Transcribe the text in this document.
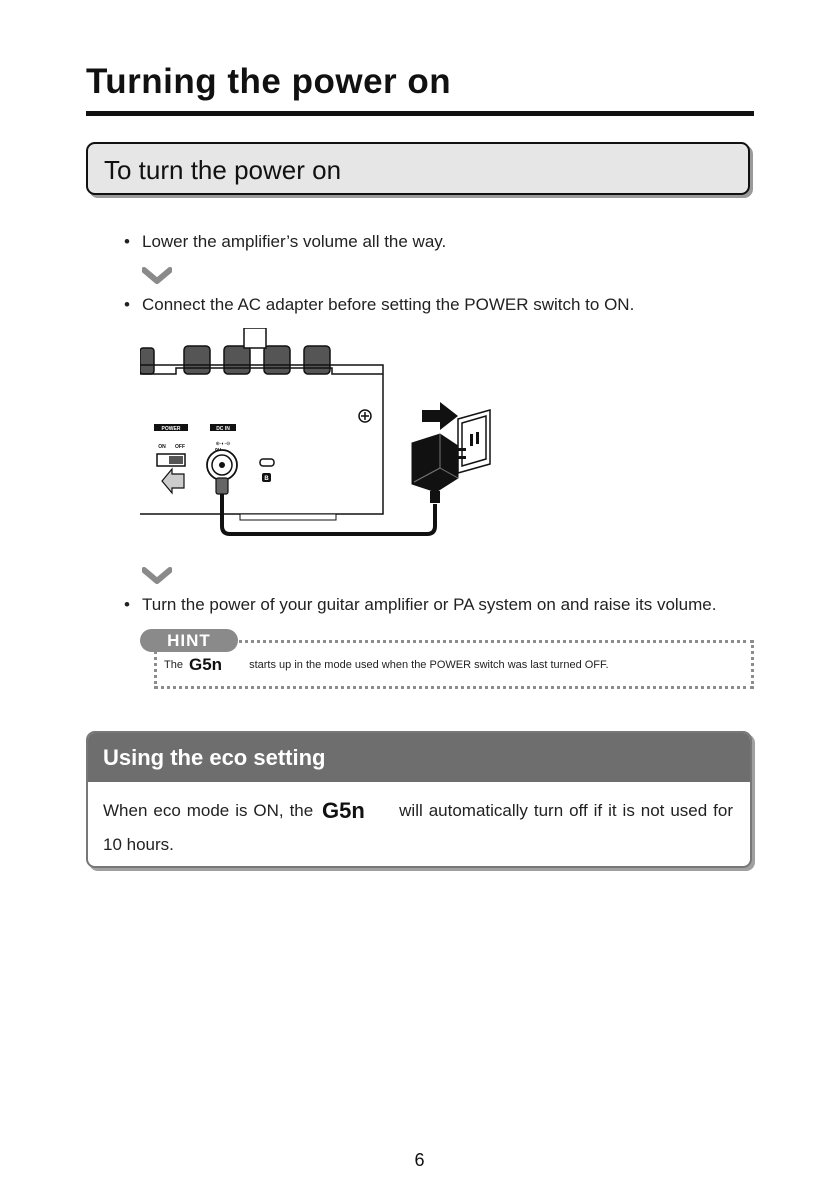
Turning the power on
To turn the power on
• Lower the amplifier’s volume all the way.
• Connect the AC adapter before setting the POWER switch to ON.
POWER
ON OFF
DC IN
⊕-◐-⊖
B
• Turn the power of your guitar amplifier or PA system on and raise its volume.
HINT
The G5n starts up in the mode used when the POWER switch was last turned OFF.
Using the eco setting
When eco mode is ON, the G5n will automatically turn off if it is not used for 10 hours.
6
